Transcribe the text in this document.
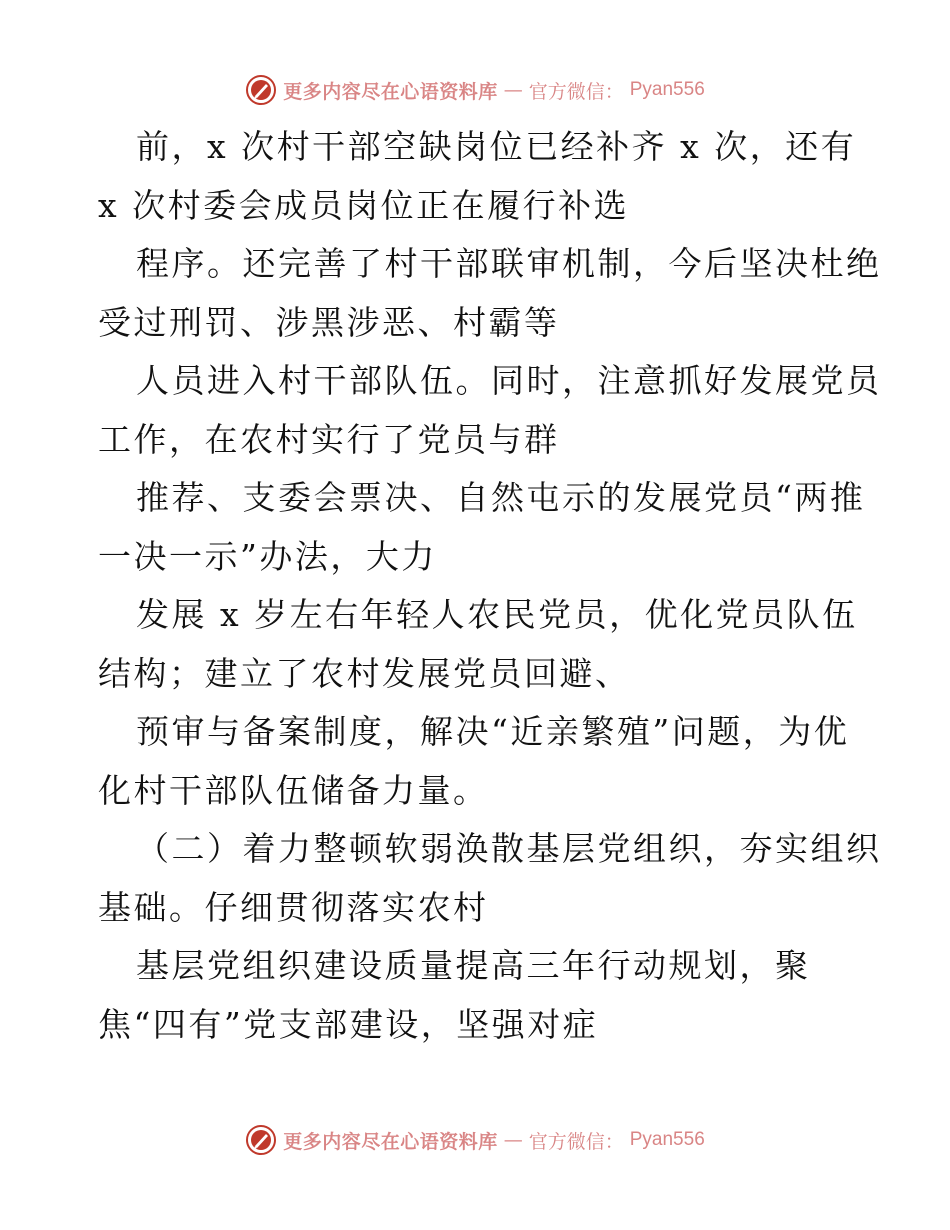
更多内容尽在心语资料库 — 官方微信： Pyan556

前，x 次村干部空缺岗位已经补齐 x 次，还有
x 次村委会成员岗位正在履行补选

程序。还完善了村干部联审机制，今后坚决杜绝
受过刑罚、涉黑涉恶、村霸等

人员进入村干部队伍。同时，注意抓好发展党员
工作，在农村实行了党员与群

推荐、支委会票决、自然屯示的发展党员“两推
一决一示”办法，大力

发展 x 岁左右年轻人农民党员，优化党员队伍
结构；建立了农村发展党员回避、

预审与备案制度，解决“近亲繁殖”问题，为优
化村干部队伍储备力量。

（二）着力整顿软弱涣散基层党组织，夯实组织
基础。仔细贯彻落实农村

基层党组织建设质量提高三年行动规划，聚
焦“四有”党支部建设，坚强对症

更多内容尽在心语资料库 — 官方微信： Pyan556
